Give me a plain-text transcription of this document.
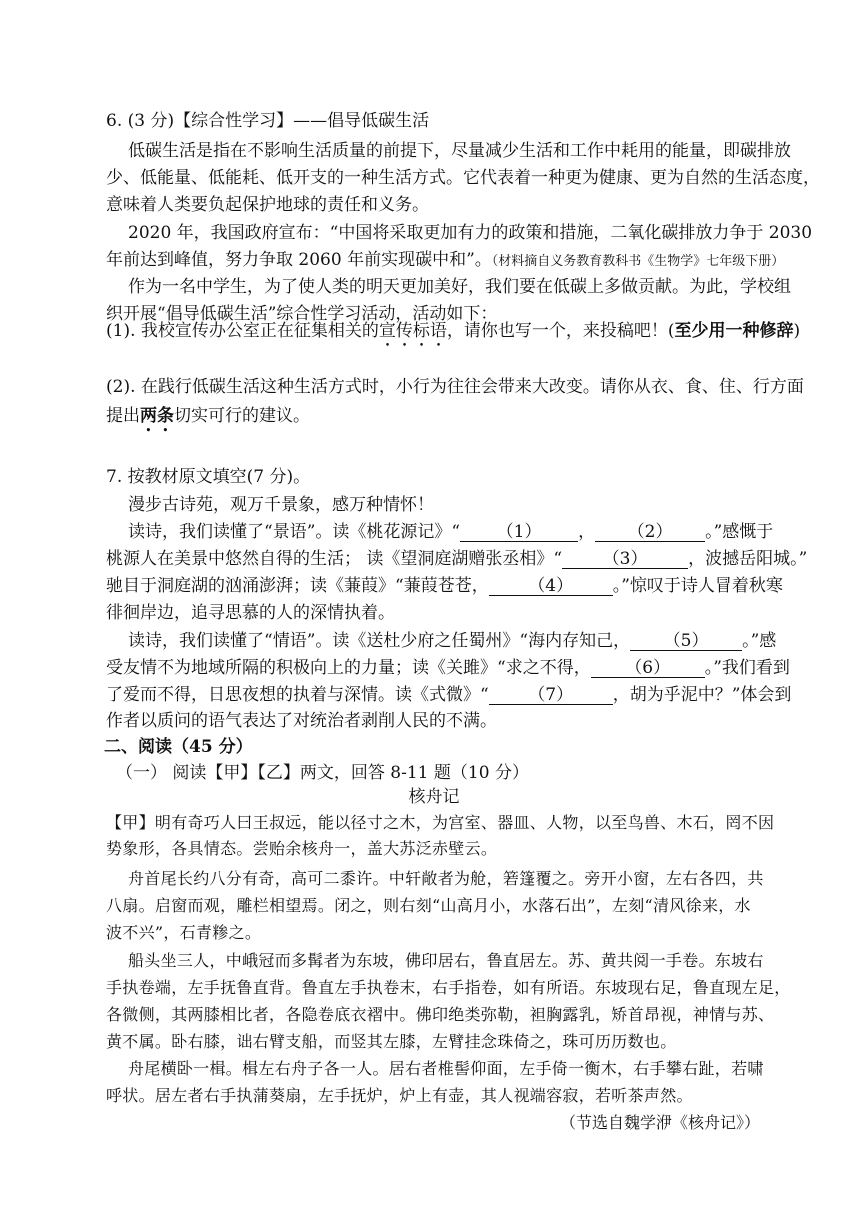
6. (3 分)【综合性学习】——倡导低碳生活
低碳生活是指在不影响生活质量的前提下，尽量减少生活和工作中耗用的能量，即碳排放
少、低能量、低能耗、低开支的一种生活方式。它代表着一种更为健康、更为自然的生活态度，
意味着人类要负起保护地球的责任和义务。
2020 年，我国政府宣布：“中国将采取更加有力的政策和措施，二氧化碳排放力争于 2030
年前达到峰值，努力争取 2060 年前实现碳中和”。（材料摘自义务教育教科书《生物学》七年级下册）
作为一名中学生，为了使人类的明天更加美好，我们要在低碳上多做贡献。为此，学校组
织开展“倡导低碳生活”综合性学习活动，活动如下：
(1). 我校宣传办公室正在征集相关的宣传标语，请你也写一个，来投稿吧！(至少用一种修辞)
(2). 在践行低碳生活这种生活方式时，小行为往往会带来大改变。请你从衣、食、住、行方面
提出两条切实可行的建议。
7. 按教材原文填空(7 分)。
漫步古诗苑，观万千景象，感万种情怀！
读诗，我们读懂了“景语”。读《桃花源记》“ （1） ， （2） 。”感慨于
桃源人在美景中悠然自得的生活； 读《望洞庭湖赠张丞相》“ （3） ，波撼岳阳城。”
驰目于洞庭湖的汹涌澎湃；读《蒹葭》“蒹葭苍苍， （4） 。”惊叹于诗人冒着秋寒
徘徊岸边，追寻思慕的人的深情执着。
读诗，我们读懂了“情语”。读《送杜少府之任蜀州》“海内存知己， （5） 。”感
受友情不为地域所隔的积极向上的力量；读《关雎》“求之不得， （6） 。”我们看到
了爱而不得，日思夜想的执着与深情。读《式微》“ （7） ，胡为乎泥中？”体会到
作者以质问的语气表达了对统治者剥削人民的不满。
二、阅读（45 分）
（一） 阅读【甲】【乙】两文，回答 8-11 题（10 分）
核舟记
【甲】明有奇巧人曰王叔远，能以径寸之木，为宫室、器皿、人物，以至鸟兽、木石，罔不因
势象形，各具情态。尝贻余核舟一，盖大苏泛赤壁云。
舟首尾长约八分有奇，高可二黍许。中轩敞者为舱，箬篷覆之。旁开小窗，左右各四，共
八扇。启窗而观，雕栏相望焉。闭之，则右刻“山高月小，水落石出”，左刻“清风徐来，水
波不兴”，石青糁之。
船头坐三人，中峨冠而多髯者为东坡，佛印居右，鲁直居左。苏、黄共阅一手卷。东坡右
手执卷端，左手抚鲁直背。鲁直左手执卷末，右手指卷，如有所语。东坡现右足，鲁直现左足，
各微侧，其两膝相比者，各隐卷底衣褶中。佛印绝类弥勒，袒胸露乳，矫首昂视，神情与苏、
黄不属。卧右膝，诎右臂支船，而竖其左膝，左臂挂念珠倚之，珠可历历数也。
舟尾横卧一楫。楫左右舟子各一人。居右者椎髻仰面，左手倚一衡木，右手攀右趾，若啸
呼状。居左者右手执蒲葵扇，左手抚炉，炉上有壶，其人视端容寂，若听茶声然。
（节选自魏学洢《核舟记》）
